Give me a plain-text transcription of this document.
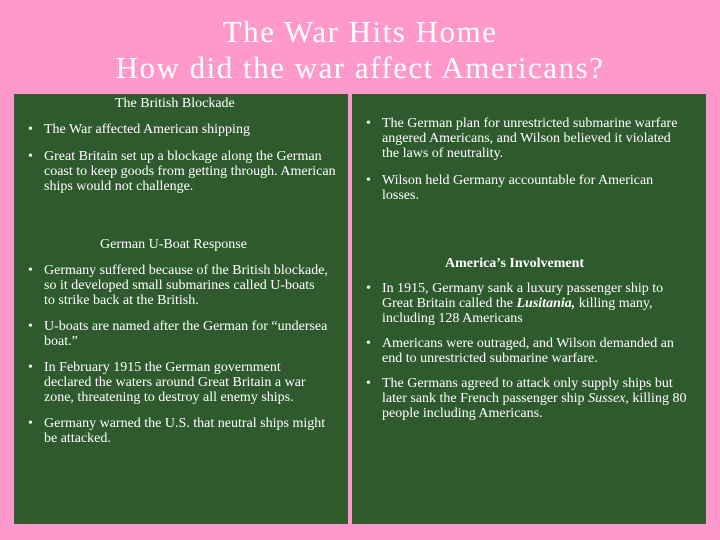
The War Hits Home
How did the war affect Americans?
The British Blockade
• The War affected American shipping
• Great Britain set up a blockage along the German coast to keep goods from getting through. American ships would not challenge.
German U-Boat Response
• Germany suffered because of the British blockade, so it developed small submarines called U-boats to strike back at the British.
• U-boats are named after the German for “undersea boat.”
• In February 1915 the German government declared the waters around Great Britain a war zone, threatening to destroy all enemy ships.
• Germany warned the U.S. that neutral ships might be attacked.
• The German plan for unrestricted submarine warfare angered Americans, and Wilson believed it violated the laws of neutrality.
• Wilson held Germany accountable for American losses.
America’s Involvement
• In 1915, Germany sank a luxury passenger ship to Great Britain called the Lusitania, killing many, including 128 Americans
• Americans were outraged, and Wilson demanded an end to unrestricted submarine warfare.
• The Germans agreed to attack only supply ships but later sank the French passenger ship Sussex, killing 80 people including Americans.
